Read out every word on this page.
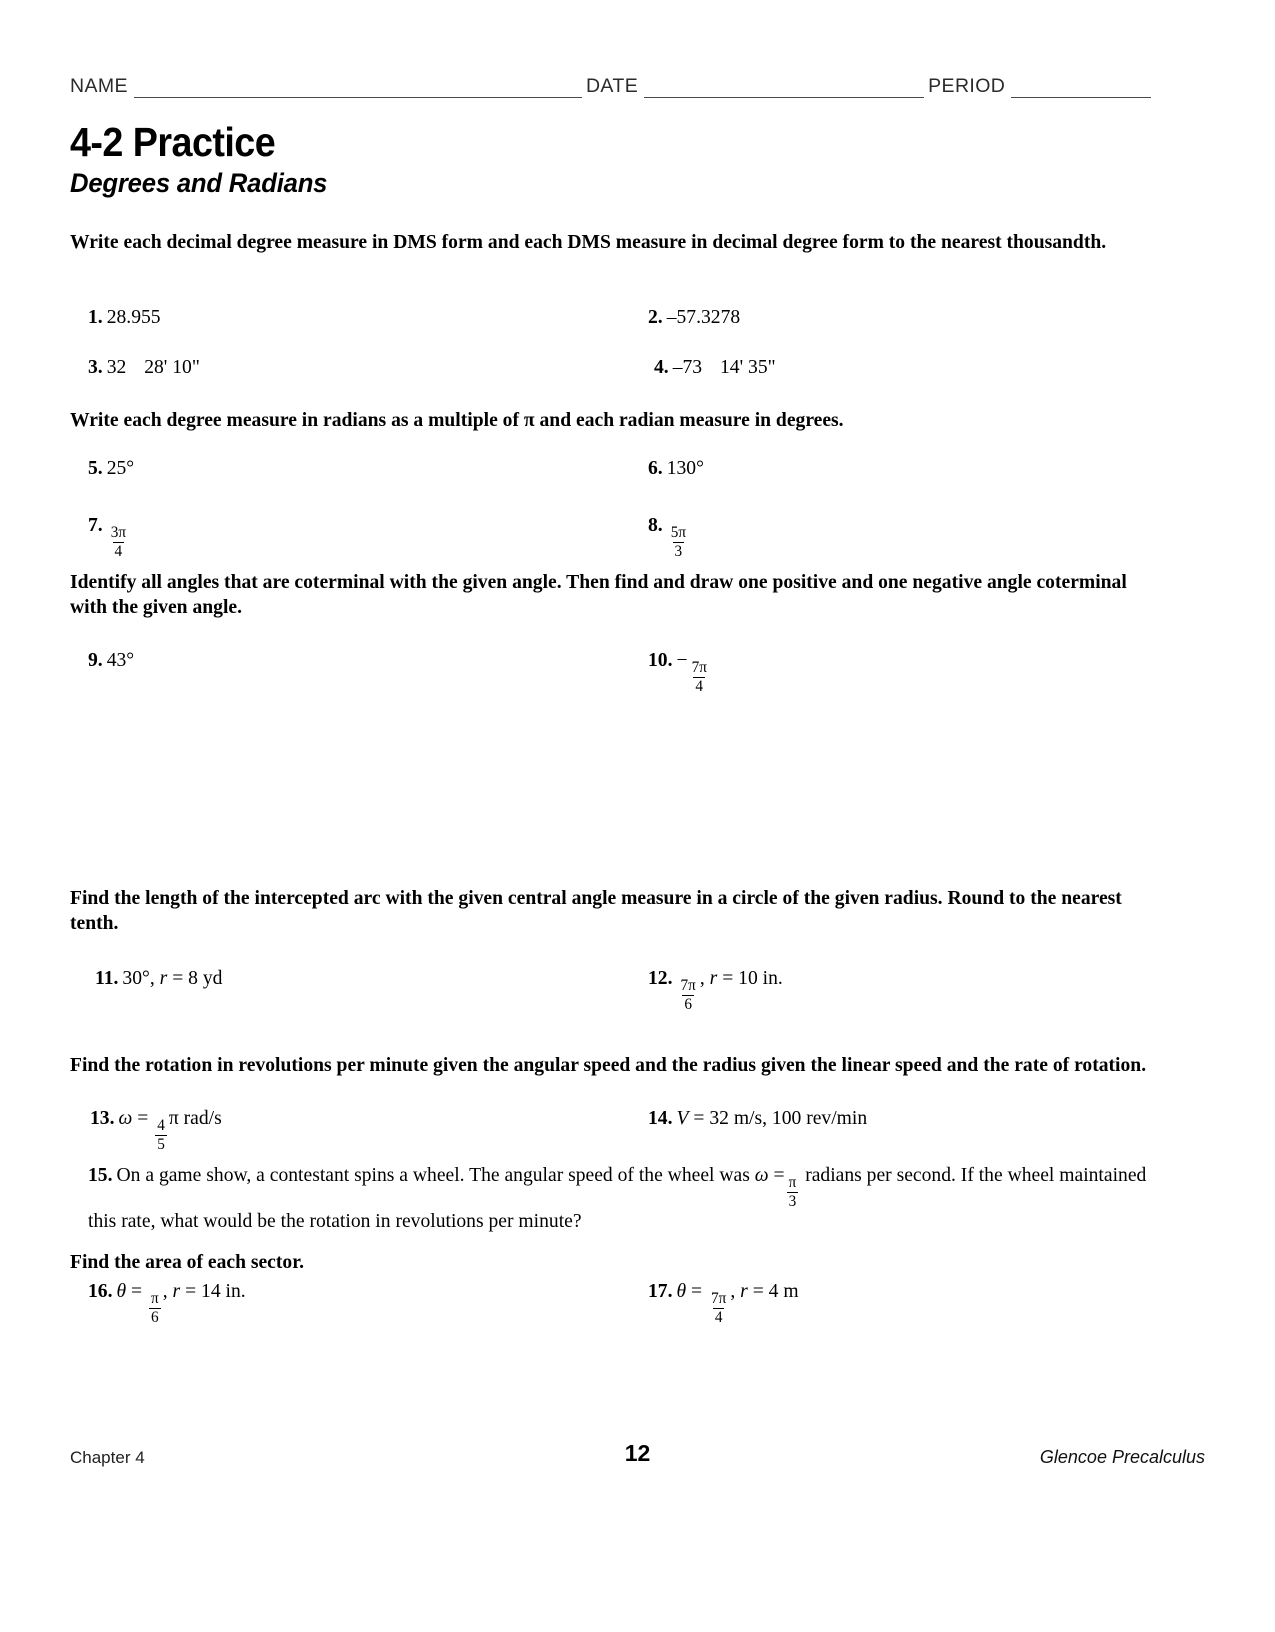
NAME	DATE	PERIOD
4-2 Practice
Degrees and Radians
Write each decimal degree measure in DMS form and each DMS measure in decimal degree form to the nearest thousandth.
1. 28.955	2. –57.3278
3. 32 28' 10"	4. –73 14' 35"
Write each degree measure in radians as a multiple of π and each radian measure in degrees.
5. 25°	6. 130°
7. $\frac{3\pi}{4}$	8. $\frac{5\pi}{3}$
Identify all angles that are coterminal with the given angle. Then find and draw one positive and one negative angle coterminal with the given angle.
9. 43°	10. − $\frac{7\pi}{4}$
Find the length of the intercepted arc with the given central angle measure in a circle of the given radius. Round to the nearest tenth.
11. 30°, r = 8 yd	12. $\frac{7\pi}{6}$ , r = 10 in.
Find the rotation in revolutions per minute given the angular speed and the radius given the linear speed and the rate of rotation.
13. $\omega = \frac{4}{5}$ π rad/s	14. V = 32 m/s, 100 rev/min
15. On a game show, a contestant spins a wheel. The angular speed of the wheel was $\omega = \frac{\pi}{3}$ radians per second. If the wheel maintained this rate, what would be the rotation in revolutions per minute?
Find the area of each sector.
16. $\theta = \frac{\pi}{6}$ , r = 14 in.	17. $\theta = \frac{7\pi}{4}$ , r = 4 m
Chapter 4	12	Glencoe Precalculus
